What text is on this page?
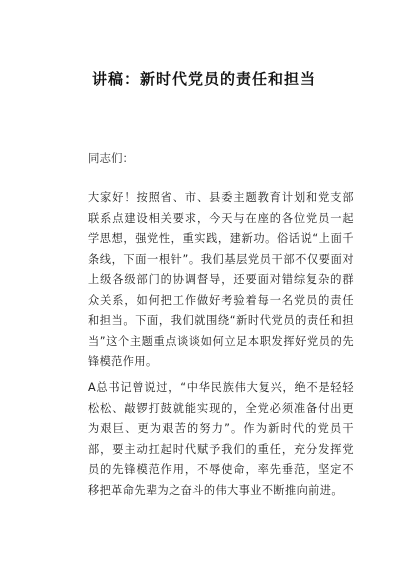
讲稿：新时代党员的责任和担当
同志们：
大家好！按照省、市、县委主题教育计划和党支部联系点建设相关要求，今天与在座的各位党员一起学思想，强党性，重实践，建新功。俗话说“上面千条线，下面一根针”。我们基层党员干部不仅要面对上级各级部门的协调督导，还要面对错综复杂的群众关系，如何把工作做好考验着每一名党员的责任和担当。下面，我们就围绕“新时代党员的责任和担当”这个主题重点谈谈如何立足本职发挥好党员的先锋模范作用。
A总书记曾说过，“中华民族伟大复兴，绝不是轻轻松松、敲锣打鼓就能实现的，全党必须准备付出更为艰巨、更为艰苦的努力”。作为新时代的党员干部，要主动扛起时代赋予我们的重任，充分发挥党员的先锋模范作用，不辱使命，率先垂范，坚定不移把革命先辈为之奋斗的伟大事业不断推向前进。
